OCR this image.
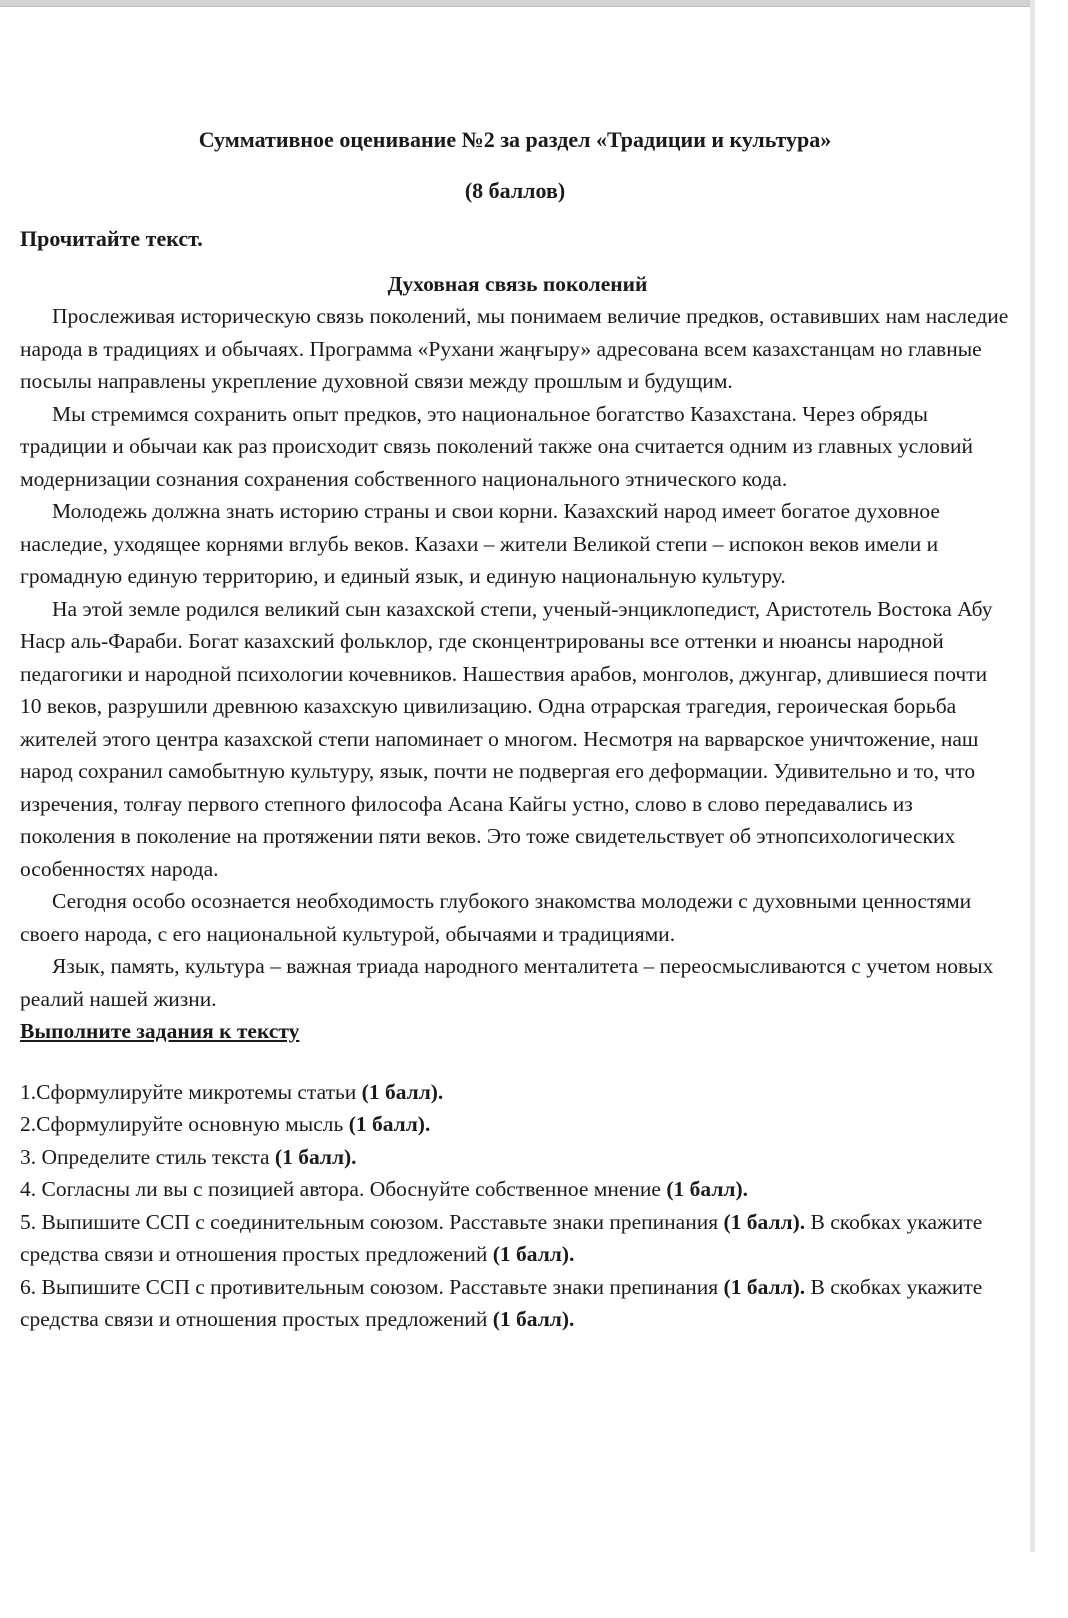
Суммативное оценивание №2 за раздел «Традиции и культура»

(8 баллов)

Прочитайте текст.

Духовная связь поколений

Прослеживая историческую связь поколений, мы понимаем величие предков, оставивших нам наследие народа в традициях и обычаях. Программа «Рухани жаңғыру» адресована всем казахстанцам но главные посылы направлены укрепление духовной связи между прошлым и будущим.

Мы стремимся сохранить опыт предков, это национальное богатство Казахстана. Через обряды традиции и обычаи как раз происходит связь поколений также она считается одним из главных условий модернизации сознания сохранения собственного национального этнического кода.

Молодежь должна знать историю страны и свои корни. Казахский народ имеет богатое духовное наследие, уходящее корнями вглубь веков. Казахи – жители Великой степи – испокон веков имели и громадную единую территорию, и единый язык, и единую национальную культуру.

На этой земле родился великий сын казахской степи, ученый-энциклопедист, Аристотель Востока Абу Наср аль-Фараби. Богат казахский фольклор, где сконцентрированы все оттенки и нюансы народной педагогики и народной психологии кочевников. Нашествия арабов, монголов, джунгар, длившиеся почти 10 веков, разрушили древнюю казахскую цивилизацию. Одна отрарская трагедия, героическая борьба жителей этого центра казахской степи напоминает о многом. Несмотря на варварское уничтожение, наш народ сохранил самобытную культуру, язык, почти не подвергая его деформации. Удивительно и то, что изречения, толғау первого степного философа Асана Кайгы устно, слово в слово передавались из поколения в поколение на протяжении пяти веков. Это тоже свидетельствует об этнопсихологических особенностях народа.

Сегодня особо осознается необходимость глубокого знакомства молодежи с духовными ценностями своего народа, с его национальной культурой, обычаями и традициями.

Язык, память, культура – важная триада народного менталитета – переосмысливаются с учетом новых реалий нашей жизни.

Выполните задания к тексту

1.Сформулируйте микротемы статьи (1 балл).

2.Сформулируйте основную мысль (1 балл).

3. Определите стиль текста (1 балл).

4. Согласны ли вы с позицией автора. Обоснуйте собственное мнение (1 балл).

5. Выпишите ССП с соединительным союзом. Расставьте знаки препинания (1 балл). В скобках укажите средства связи и отношения простых предложений (1 балл).

6. Выпишите ССП с противительным союзом. Расставьте знаки препинания (1 балл). В скобках укажите средства связи и отношения простых предложений (1 балл).
